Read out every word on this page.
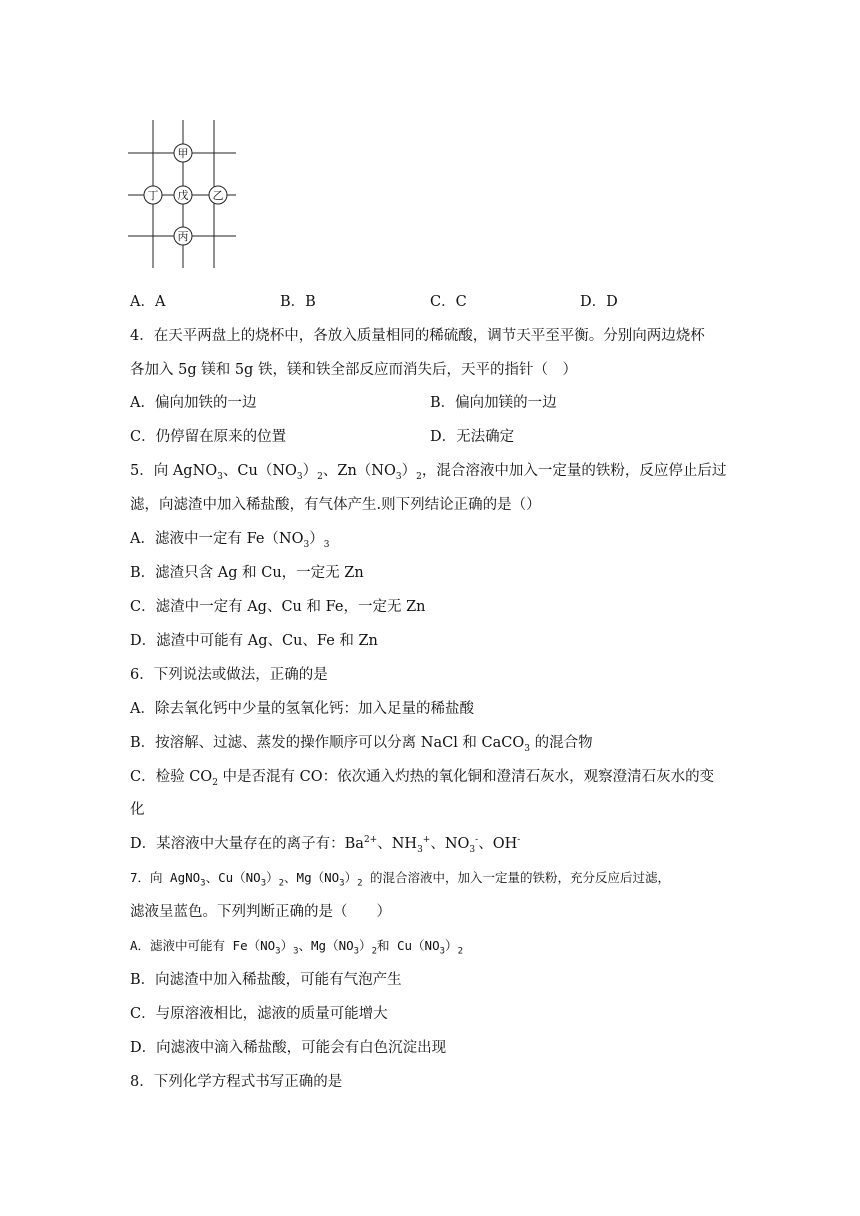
甲
丁 戊 乙
丙
A．A	B．B	C．C	D．D
4．在天平两盘上的烧杯中，各放入质量相同的稀硫酸，调节天平至平衡。分别向两边烧杯
各加入 5g 镁和 5g 铁，镁和铁全部反应而消失后，天平的指针（　）
A．偏向加铁的一边	B．偏向加镁的一边
C．仍停留在原来的位置	D．无法确定
5．向 AgNO$_3$、$Cu(NO_3)_2$、$Zn(NO_3)_2$，混合溶液中加入一定量的铁粉，反应停止后过
滤，向滤渣中加入稀盐酸，有气体产生.则下列结论正确的是（）
A．滤液中一定有 $Fe(NO_3)_3$
B．滤渣只含 Ag 和 Cu，一定无 Zn
C．滤渣中一定有 Ag、Cu 和 Fe，一定无 Zn
D．滤渣中可能有 Ag、Cu、Fe 和 Zn
6．下列说法或做法，正确的是
A．除去氧化钙中少量的氢氧化钙：加入足量的稀盐酸
B．按溶解、过滤、蒸发的操作顺序可以分离 NaCl 和 CaCO$_3$ 的混合物
C．检验 $CO_2$ 中是否混有 CO：依次通入灼热的氧化铜和澄清石灰水，观察澄清石灰水的变
化
D．某溶液中大量存在的离子有：$Ba^{2+}$、$NH_3^+$、$NO_3^-$、OH-
7．向 AgNO$_3$、$Cu(NO_3)_2$、$Mg(NO_3)_2$ 的混合溶液中，加入一定量的铁粉，充分反应后过滤，
滤液呈蓝色。下列判断正确的是（　　）
A．滤液中可能有 $Fe(NO_3)_3$、$Mg(NO_3)_2$和 $Cu(NO_3)_2$
B．向滤渣中加入稀盐酸，可能有气泡产生
C．与原溶液相比，滤液的质量可能增大
D．向滤液中滴入稀盐酸，可能会有白色沉淀出现
8．下列化学方程式书写正确的是
